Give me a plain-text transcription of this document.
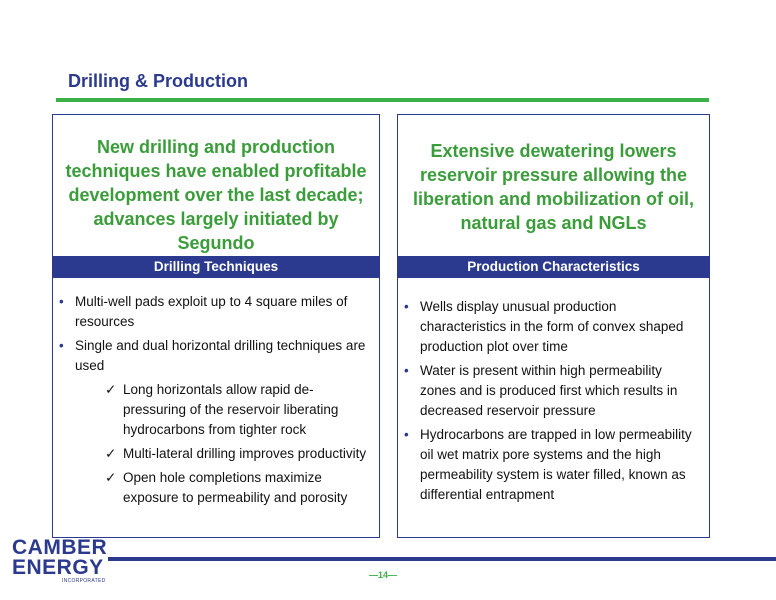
Drilling & Production
New drilling and production techniques have enabled profitable development over the last decade; advances largely initiated by Segundo
Drilling Techniques
• Multi-well pads exploit up to 4 square miles of resources
• Single and dual horizontal drilling techniques are used
✓ Long horizontals allow rapid de-pressuring of the reservoir liberating hydrocarbons from tighter rock
✓ Multi-lateral drilling improves productivity
✓ Open hole completions maximize exposure to permeability and porosity
Extensive dewatering lowers reservoir pressure allowing the liberation and mobilization of oil, natural gas and NGLs
Production Characteristics
• Wells display unusual production characteristics in the form of convex shaped production plot over time
• Water is present within high permeability zones and is produced first which results in decreased reservoir pressure
• Hydrocarbons are trapped in low permeability oil wet matrix pore systems and the high permeability system is water filled, known as differential entrapment
—14—
CAMBER
ENERGY
INCORPORATED
